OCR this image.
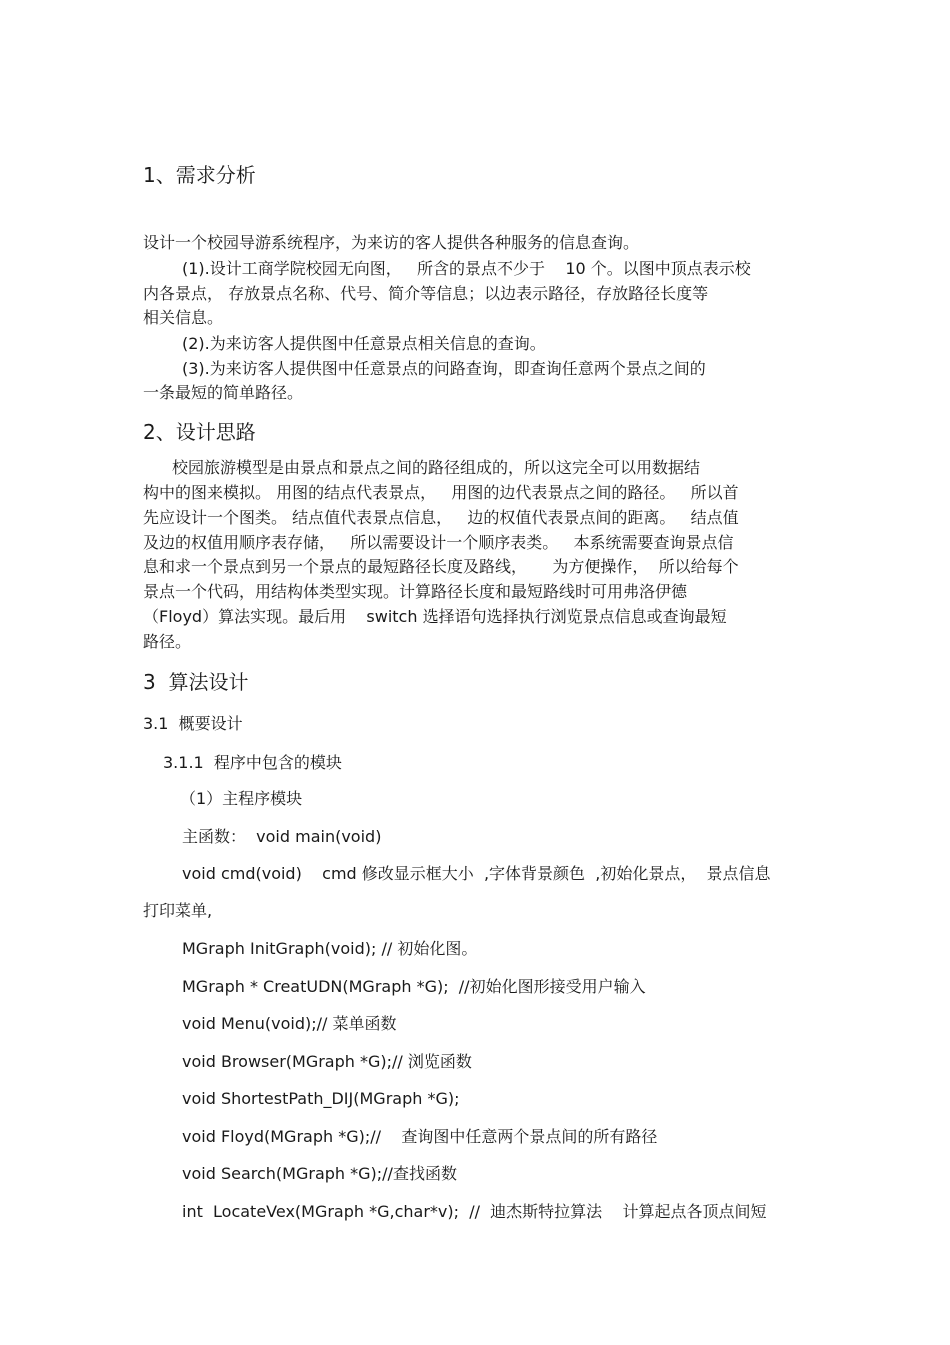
1、需求分析
设计一个校园导游系统程序，为来访的客人提供各种服务的信息查询。
(1).设计工商学院校园无向图，   所含的景点不少于    10 个。以图中顶点表示校
内各景点， 存放景点名称、代号、简介等信息；以边表示路径，存放路径长度等
相关信息。
(2).为来访客人提供图中任意景点相关信息的查询。
(3).为来访客人提供图中任意景点的问路查询，即查询任意两个景点之间的
一条最短的简单路径。
2、设计思路
校园旅游模型是由景点和景点之间的路径组成的，所以这完全可以用数据结
构中的图来模拟。 用图的结点代表景点，   用图的边代表景点之间的路径。   所以首
先应设计一个图类。 结点值代表景点信息，   边的权值代表景点间的距离。   结点值
及边的权值用顺序表存储，   所以需要设计一个顺序表类。   本系统需要查询景点信
息和求一个景点到另一个景点的最短路径长度及路线，     为方便操作，  所以给每个
景点一个代码，用结构体类型实现。计算路径长度和最短路线时可用弗洛伊德
（Floyd）算法实现。最后用    switch 选择语句选择执行浏览景点信息或查询最短
路径。
3  算法设计
3.1  概要设计
3.1.1  程序中包含的模块
（1）主程序模块
主函数：  void main(void)
void cmd(void)    cmd 修改显示框大小  ,字体背景颜色  ,初始化景点，  景点信息
打印菜单,
MGraph InitGraph(void); // 初始化图。
MGraph * CreatUDN(MGraph *G);  //初始化图形接受用户输入
void Menu(void);// 菜单函数
void Browser(MGraph *G);// 浏览函数
void ShortestPath_DIJ(MGraph *G);
void Floyd(MGraph *G);//    查询图中任意两个景点间的所有路径
void Search(MGraph *G);//查找函数
int  LocateVex(MGraph *G,char*v);  //  迪杰斯特拉算法    计算起点各顶点间短
